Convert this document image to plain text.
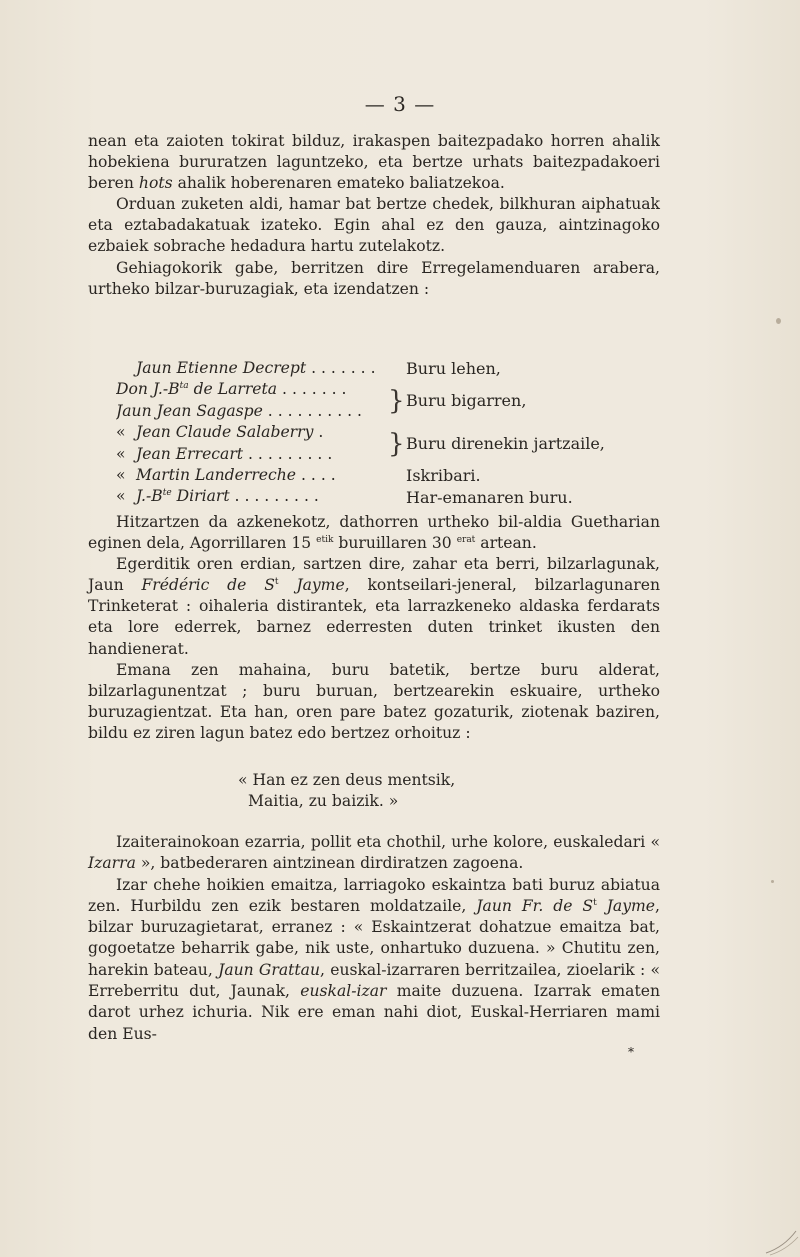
— 3 —

nean eta zaioten tokirat bilduz, irakaspen baitezpadako horren ahalik hobekiena bururatzen laguntzeko, eta bertze urhats baitezpadakoeri beren hots ahalik hoberenaren emateko baliatzekoa.

Orduan zuketen aldi, hamar bat bertze chedek, bilkhuran aiphatuak eta eztabadakatuak izateko. Egin ahal ez den gauza, aintzinagoko ezbaiek sobrache hedadura hartu zutelakotz.

Gehiagokorik gabe, berritzen dire Erregelamenduaren arabera, urtheko bilzar-buruzagiak, eta izendatzen :

Jaun Etienne Decrept . . . . . . .	Buru lehen,
Don $J.-B^{ta}$ de Larreta . . . . . . .
Jaun Jean Sagaspe . . . . . . . . . .	} Buru bigarren,
« Jean Claude Salaberry .
« Jean Errecart . . . . . . . . .	} Buru direnekin jartzaile,
« Martin Landerreche . . . .	Iskribari.
« $J.-B^{te}$ Diriart . . . . . . . . .	Har-emanaren buru.

Hitzartzen da azkenekotz, dathorren urtheko bil-aldia Guetharian eginen dela, Agorrillaren 15 $^{etik}$ buruillaren 30 $^{erat}$ artean.

Egerditik oren erdian, sartzen dire, zahar eta berri, bilzarlagunak, Jaun Frédéric de $S^t$ Jayme, kontseilari-jeneral, bilzarlagunaren Trinketerat : oihaleria distirantek, eta larrazkeneko aldaska ferdarats eta lore ederrek, barnez ederresten duten trinket ikusten den handienerat.

Emana zen mahaina, buru batetik, bertze buru alderat, bilzarlagunentzat ; buru buruan, bertzearekin eskuaire, urtheko buruzagientzat. Eta han, oren pare batez gozaturik, ziotenak baziren, bildu ez ziren lagun batez edo bertzez orhoituz :

« Han ez zen deus mentsik,
Maitia, zu baizik. »

Izaiterainokoan ezarria, pollit eta chothil, urhe kolore, euskaledari « Izarra », batbederaren aintzinean dirdiratzen zagoena.

Izar chehe hoikien emaitza, larriagoko eskaintza bati buruz abiatua zen. Hurbildu zen ezik bestaren moldatzaile, Jaun Fr. de $S^t$ Jayme, bilzar buruzagietarat, erranez : « Eskaintzerat dohatzue emaitza bat, gogoetatze beharrik gabe, nik uste, onhartuko duzuena. » Chutitu zen, harekin bateau, Jaun Grattau, euskal-izarraren berritzailea, zioelarik : « Erreberritu dut, Jaunak, euskal-izar maite duzuena. Izarrak ematen darot urhez ichuria. Nik ere eman nahi diot, Euskal-Herriaren mami den Eus-

*
